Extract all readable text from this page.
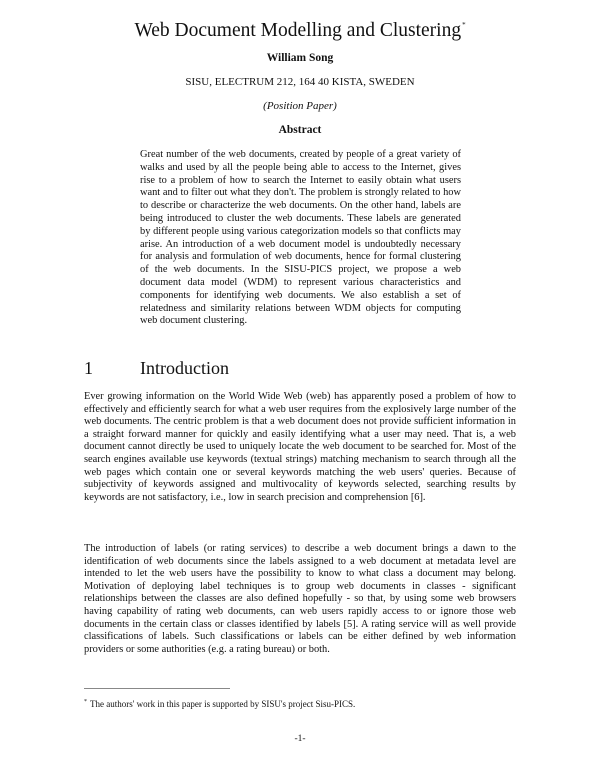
Web Document Modelling and Clustering*
William Song
SISU, ELECTRUM 212, 164 40 KISTA, SWEDEN
(Position Paper)
Abstract

Great number of the web documents, created by people of a great variety of walks and used by all the people being able to access to the Internet, gives rise to a problem of how to search the Internet to easily obtain what users want and to filter out what they don't. The problem is strongly related to how to describe or characterize the web documents. On the other hand, labels are being introduced to cluster the web documents. These labels are generated by different people using various categorization models so that conflicts may arise. An introduction of a web document model is undoubtedly necessary for analysis and formulation of web documents, hence for formal clustering of the web documents. In the SISU-PICS project, we propose a web document data model (WDM) to represent various characteristics and components for identifying web documents. We also establish a set of relatedness and similarity relations between WDM objects for computing web document clustering.

1	Introduction

Ever growing information on the World Wide Web (web) has apparently posed a problem of how to effectively and efficiently search for what a web user requires from the explosively large number of the web documents. The centric problem is that a web document does not provide sufficient information in a straight forward manner for quickly and easily identifying what a user may need. That is, a web document cannot directly be used to uniquely locate the web document to be searched for. Most of the search engines available use keywords (textual strings) matching mechanism to search through all the web pages which contain one or several keywords matching the web users' queries. Because of subjectivity of keywords assigned and multivocality of keywords selected, searching results by keywords are not satisfactory, i.e., low in search precision and comprehension [6].

The introduction of labels (or rating services) to describe a web document brings a dawn to the identification of web documents since the labels assigned to a web document at metadata level are intended to let the web users have the possibility to know to what class a document may belong. Motivation of deploying label techniques is to group web documents in classes - significant relationships between the classes are also defined hopefully - so that, by using some web browsers having capability of rating web documents, can web users rapidly access to or ignore those web documents in the certain class or classes identified by labels [5]. A rating service will as well provide classifications of labels. Such classifications or labels can be either defined by web information providers or some authorities (e.g. a rating bureau) or both.

* The authors' work in this paper is supported by SISU's project Sisu-PICS.
-1-
